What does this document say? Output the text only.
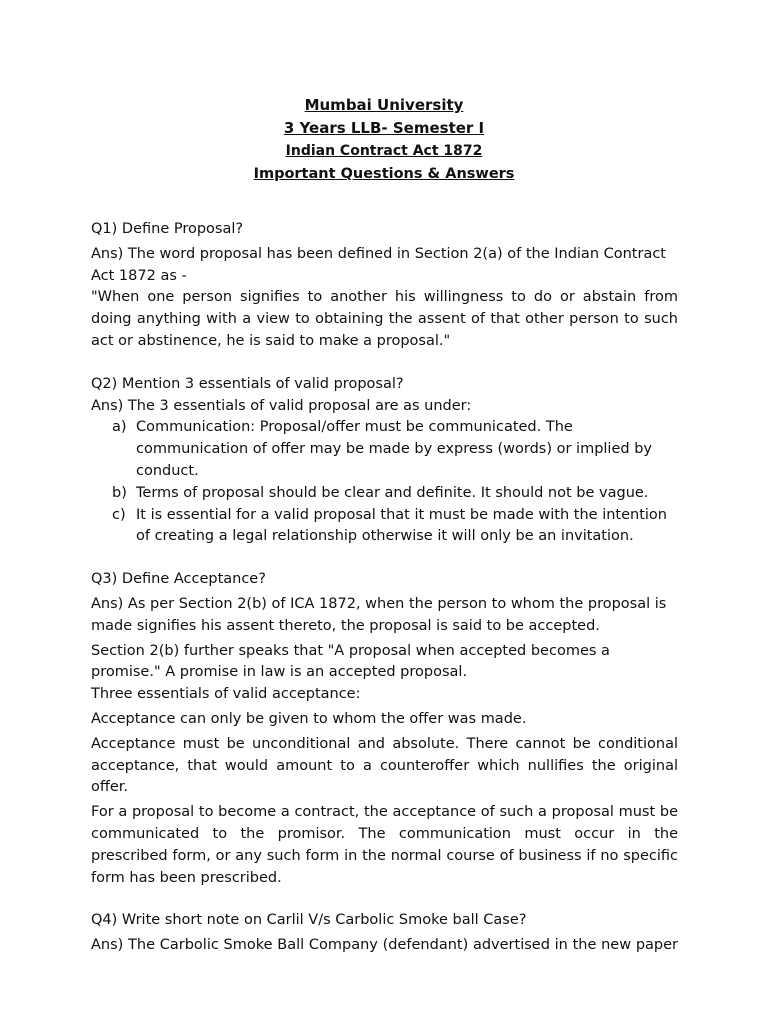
Mumbai University
3 Years LLB- Semester I
Indian Contract Act 1872
Important Questions & Answers
Q1) Define Proposal?
Ans) The word proposal has been defined in Section 2(a) of the Indian Contract Act 1872 as -
"When one person signifies to another his willingness to do or abstain from doing anything with a view to obtaining the assent of that other person to such act or abstinence, he is said to make a proposal."
Q2) Mention 3 essentials of valid proposal?
Ans) The 3 essentials of valid proposal are as under:
a) Communication: Proposal/offer must be communicated. The communication of offer may be made by express (words) or implied by conduct.
b) Terms of proposal should be clear and definite. It should not be vague.
c) It is essential for a valid proposal that it must be made with the intention of creating a legal relationship otherwise it will only be an invitation.
Q3) Define Acceptance?
Ans) As per Section 2(b) of ICA 1872, when the person to whom the proposal is made signifies his assent thereto, the proposal is said to be accepted.
Section 2(b) further speaks that "A proposal when accepted becomes a promise." A promise in law is an accepted proposal.
Three essentials of valid acceptance:
Acceptance can only be given to whom the offer was made.
Acceptance must be unconditional and absolute. There cannot be conditional acceptance, that would amount to a counteroffer which nullifies the original offer.
For a proposal to become a contract, the acceptance of such a proposal must be communicated to the promisor. The communication must occur in the prescribed form, or any such form in the normal course of business if no specific form has been prescribed.
Q4) Write short note on Carlil V/s Carbolic Smoke ball Case?
Ans) The Carbolic Smoke Ball Company (defendant) advertised in the new paper
